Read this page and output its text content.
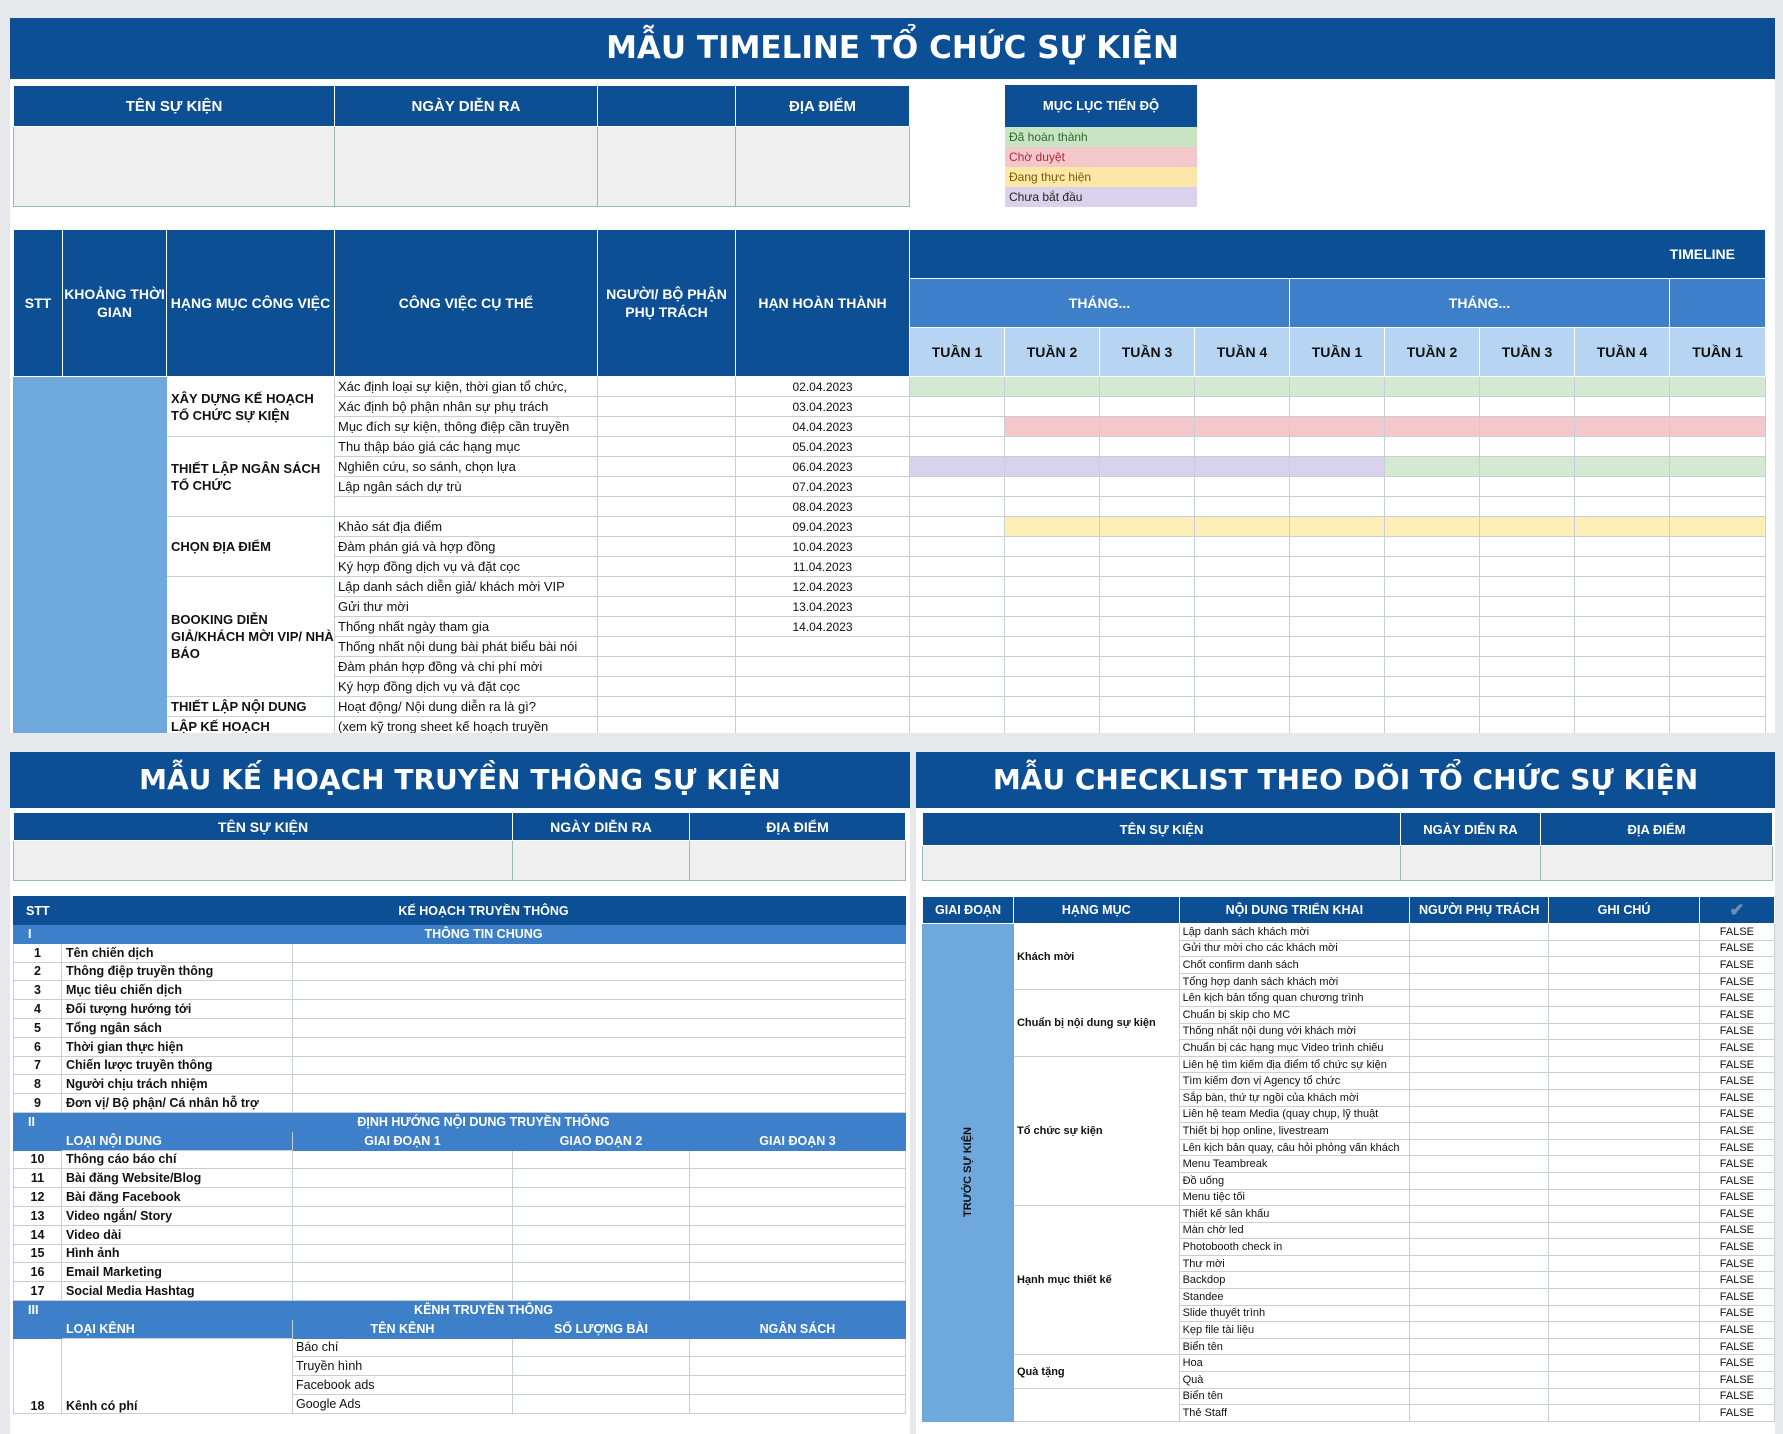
MẪU TIMELINE TỔ CHỨC SỰ KIỆN
TÊN SỰ KIỆN	NGÀY DIỄN RA		ĐỊA ĐIỂM
				MỤC LỤC TIẾN ĐỘ
Đã hoàn thành
Chờ duyệt
Đang thực hiện
Chưa bắt đầu
STT	KHOẢNG THỜI GIAN	HẠNG MỤC CÔNG VIỆC	CÔNG VIỆC CỤ THỂ	NGƯỜI/ BỘ PHẬN PHỤ TRÁCH	HẠN HOÀN THÀNH	TIMELINE								
						THÁNG...				THÁNG...				
						TUẦN 1	TUẦN 2	TUẦN 3	TUẦN 4	TUẦN 1	TUẦN 2	TUẦN 3	TUẦN 4	TUẦN 1
		XÂY DỰNG KẾ HOẠCH TỔ CHỨC SỰ KIỆN	Xác định loại sự kiện, thời gian tổ chức,		02.04.2023									
			Xác định bộ phận nhân sự phụ trách		03.04.2023									
			Mục đích sự kiện, thông điệp cần truyền		04.04.2023									
		THIẾT LẬP NGÂN SÁCH TỔ CHỨC	Thu thập báo giá các hạng mục		05.04.2023									
			Nghiên cứu, so sánh, chọn lựa		06.04.2023									
			Lập ngân sách dự trù		07.04.2023									
					08.04.2023									
		CHỌN ĐỊA ĐIỂM	Khảo sát địa điểm		09.04.2023									
			Đàm phán giá và hợp đồng		10.04.2023									
			Ký hợp đồng dịch vụ và đặt cọc		11.04.2023									
		BOOKING DIỄN GIẢ/KHÁCH MỜI VIP/ NHÀ BÁO	Lập danh sách diễn giả/ khách mời VIP		12.04.2023									
			Gửi thư mời		13.04.2023									
			Thống nhất ngày tham gia		14.04.2023									
			Thống nhất nội dung bài phát biểu bài nói											
			Đàm phán hợp đồng và chi phí mời											
			Ký hợp đồng dịch vụ và đặt cọc											
		THIẾT LẬP NỘI DUNG	Hoạt động/ Nội dung diễn ra là gì?											
		LẬP KẾ HOẠCH	(xem kỹ trong sheet kế hoạch truyền											
MẪU KẾ HOẠCH TRUYỀN THÔNG SỰ KIỆN
TÊN SỰ KIỆN	NGÀY DIỄN RA	ĐỊA ĐIỂM

STT	KẾ HOẠCH TRUYỀN THÔNG			
I	THÔNG TIN CHUNG			
1	Tên chiến dịch			
2	Thông điệp truyền thông			
3	Mục tiêu chiến dịch			
4	Đối tượng hướng tới			
5	Tổng ngân sách			
6	Thời gian thực hiện			
7	Chiến lược truyền thông			
8	Người chịu trách nhiệm			
9	Đơn vị/ Bộ phận/ Cá nhân hỗ trợ			
II	ĐỊNH HƯỚNG NỘI DUNG TRUYỀN THÔNG			
	LOẠI NỘI DUNG	GIAI ĐOẠN 1	GIAO ĐOẠN 2	GIAI ĐOẠN 3
10	Thông cáo báo chí			
11	Bài đăng Website/Blog			
12	Bài đăng Facebook			
13	Video ngắn/ Story			
14	Video dài			
15	Hình ảnh			
16	Email Marketing			
17	Social Media Hashtag			
III	KÊNH TRUYỀN THÔNG			
	LOẠI KÊNH	TÊN KÊNH	SỐ LƯỢNG BÀI	NGÂN SÁCH
18	Kênh có phí	Báo chí		
		Truyền hình		
		Facebook ads		
		Google Ads		
MẪU CHECKLIST THEO DÕI TỔ CHỨC SỰ KIỆN
TÊN SỰ KIỆN	NGÀY DIỄN RA	ĐỊA ĐIỂM

GIAI ĐOẠN	HẠNG MỤC	NỘI DUNG TRIỂN KHAI	NGƯỜI PHỤ TRÁCH	GHI CHÚ	✔
TRƯỚC SỰ KIỆN	Khách mời	Lập danh sách khách mời			FALSE
		Gửi thư mời cho các khách mời			FALSE
		Chốt confirm danh sách			FALSE
		Tổng hợp danh sách khách mời			FALSE
	Chuẩn bị nội dung sự kiện	Lên kịch bản tổng quan chương trình			FALSE
		Chuẩn bị skip cho MC			FALSE
		Thống nhất nội dung với khách mời			FALSE
		Chuẩn bị các hạng mục Video trình chiếu			FALSE
	Tổ chức sự kiện	Liên hệ tìm kiếm địa điểm tổ chức sự kiện			FALSE
		Tìm kiếm đơn vị Agency tổ chức			FALSE
		Sắp bàn, thứ tự ngồi của khách mời			FALSE
		Liên hệ team Media (quay chụp, lỹ thuật			FALSE
		Thiết bị họp online, livestream			FALSE
		Lên kịch bản quay, câu hỏi phỏng vấn khách			FALSE
		Menu Teambreak			FALSE
		Đồ uống			FALSE
		Menu tiệc tối			FALSE
	Hạnh mục thiết kế	Thiết kế sân khấu			FALSE
		Màn chờ led			FALSE
		Photobooth check in			FALSE
		Thư mời			FALSE
		Backdop			FALSE
		Standee			FALSE
		Slide thuyết trình			FALSE
		Kẹp file tài liệu			FALSE
		Biển tên			FALSE
	Quà tặng	Hoa			FALSE
		Quà			FALSE
		Biển tên			FALSE
		Thẻ Staff			FALSE
